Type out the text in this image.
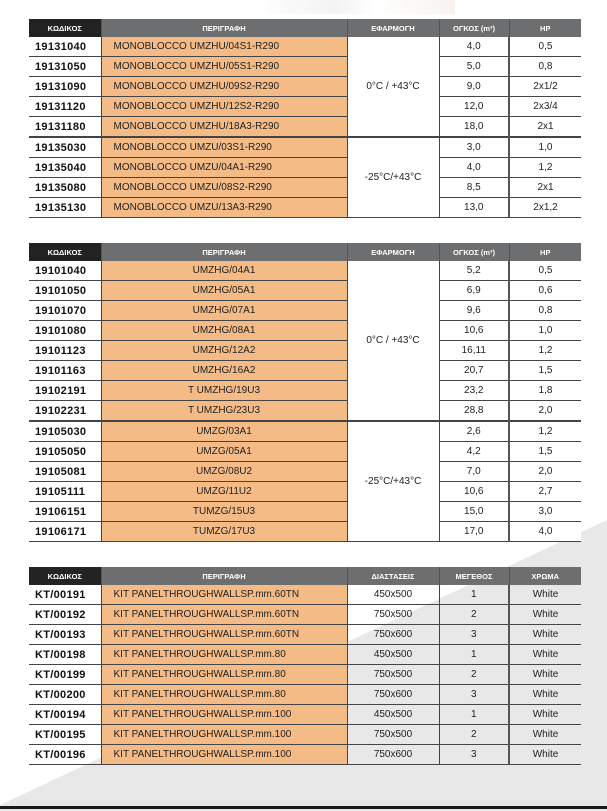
ΚΩΔΙΚΟΣ	ΠΕΡΙΓΡΑΦΗ	ΕΦΑΡΜΟΓΗ	ΟΓΚΟΣ (m³)	HP
19131040	MONOBLOCCO UMZHU/04S1-R290	0°C / +43°C	4,0	0,5
19131050	MONOBLOCCO UMZHU/05S1-R290		5,0	0,8
19131090	MONOBLOCCO UMZHU/09S2-R290		9,0	2x1/2
19131120	MONOBLOCCO UMZHU/12S2-R290		12,0	2x3/4
19131180	MONOBLOCCO UMZHU/18A3-R290		18,0	2x1
19135030	MONOBLOCCO UMZU/03S1-R290	-25°C/+43°C	3,0	1,0
19135040	MONOBLOCCO UMZU/04A1-R290		4,0	1,2
19135080	MONOBLOCCO UMZU/08S2-R290		8,5	2x1
19135130	MONOBLOCCO UMZU/13A3-R290		13,0	2x1,2
ΚΩΔΙΚΟΣ	ΠΕΡΙΓΡΑΦΗ	ΕΦΑΡΜΟΓΗ	ΟΓΚΟΣ (m³)	HP
19101040	UMZHG/04A1	0°C / +43°C	5,2	0,5
19101050	UMZHG/05A1		6,9	0,6
19101070	UMZHG/07A1		9,6	0,8
19101080	UMZHG/08A1		10,6	1,0
19101123	UMZHG/12A2		16,11	1,2
19101163	UMZHG/16A2		20,7	1,5
19102191	T UMZHG/19U3		23,2	1,8
19102231	T UMZHG/23U3		28,8	2,0
19105030	UMZG/03A1	-25°C/+43°C	2,6	1,2
19105050	UMZG/05A1		4,2	1,5
19105081	UMZG/08U2		7,0	2,0
19105111	UMZG/11U2		10,6	2,7
19106151	TUMZG/15U3		15,0	3,0
19106171	TUMZG/17U3		17,0	4,0
ΚΩΔΙΚΟΣ	ΠΕΡΙΓΡΑΦΗ	ΔΙΑΣΤΑΣΕΙΣ	ΜΕΓΕΘΟΣ	ΧΡΩΜΑ
KT/00191	KIT PANELTHROUGHWALLSP.mm.60TN	450x500	1	White
KT/00192	KIT PANELTHROUGHWALLSP.mm.60TN	750x500	2	White
KT/00193	KIT PANELTHROUGHWALLSP.mm.60TN	750x600	3	White
KT/00198	KIT PANELTHROUGHWALLSP.mm.80	450x500	1	White
KT/00199	KIT PANELTHROUGHWALLSP.mm.80	750x500	2	White
KT/00200	KIT PANELTHROUGHWALLSP.mm.80	750x600	3	White
KT/00194	KIT PANELTHROUGHWALLSP.mm.100	450x500	1	White
KT/00195	KIT PANELTHROUGHWALLSP.mm.100	750x500	2	White
KT/00196	KIT PANELTHROUGHWALLSP.mm.100	750x600	3	White
